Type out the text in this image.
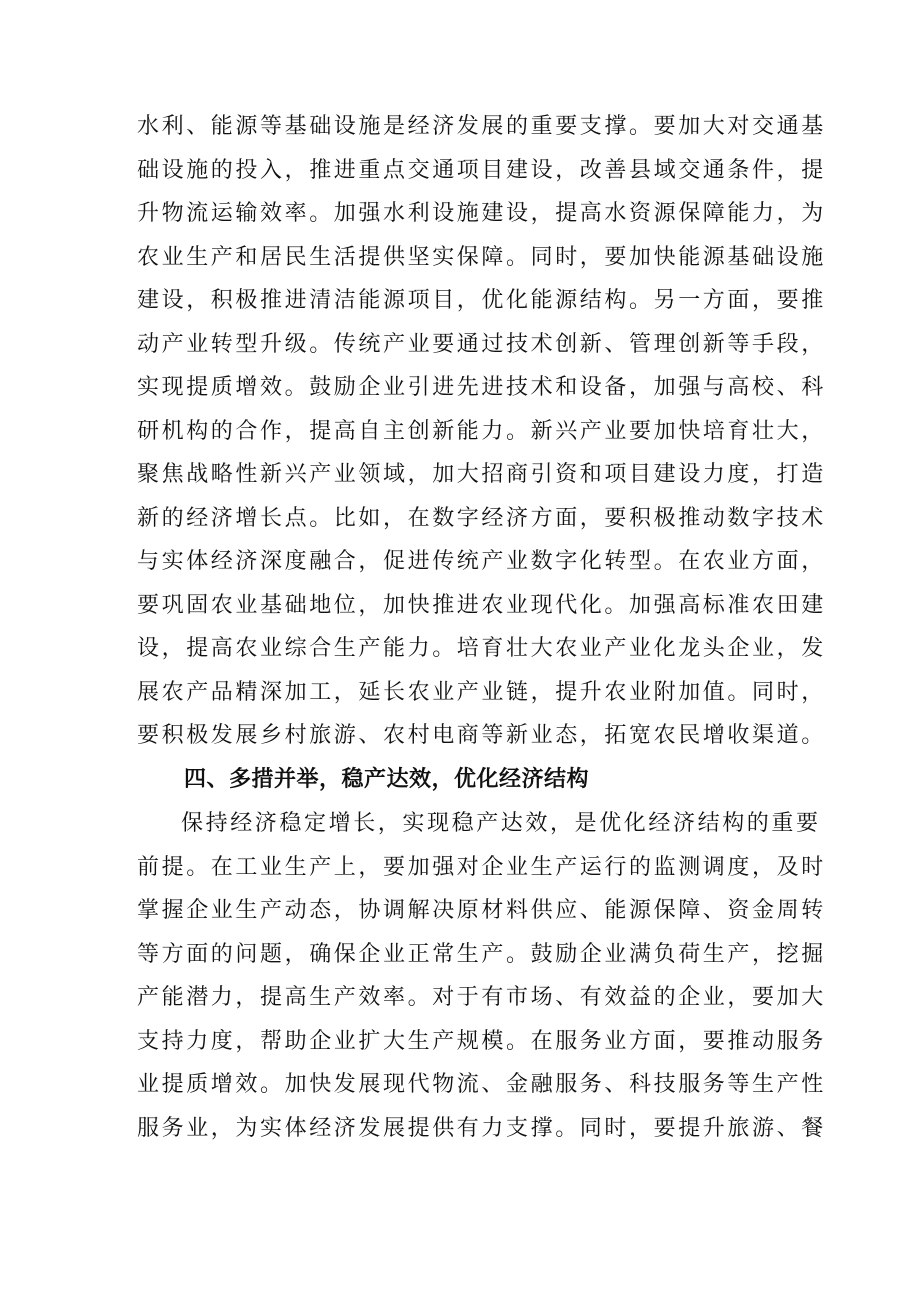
水利、能源等基础设施是经济发展的重要支撑。要加大对交通基
础设施的投入，推进重点交通项目建设，改善县域交通条件，提
升物流运输效率。加强水利设施建设，提高水资源保障能力，为
农业生产和居民生活提供坚实保障。同时，要加快能源基础设施
建设，积极推进清洁能源项目，优化能源结构。另一方面，要推
动产业转型升级。传统产业要通过技术创新、管理创新等手段，
实现提质增效。鼓励企业引进先进技术和设备，加强与高校、科
研机构的合作，提高自主创新能力。新兴产业要加快培育壮大，
聚焦战略性新兴产业领域，加大招商引资和项目建设力度，打造
新的经济增长点。比如，在数字经济方面，要积极推动数字技术
与实体经济深度融合，促进传统产业数字化转型。在农业方面，
要巩固农业基础地位，加快推进农业现代化。加强高标准农田建
设，提高农业综合生产能力。培育壮大农业产业化龙头企业，发
展农产品精深加工，延长农业产业链，提升农业附加值。同时，
要积极发展乡村旅游、农村电商等新业态，拓宽农民增收渠道。
四、多措并举，稳产达效，优化经济结构
保持经济稳定增长，实现稳产达效，是优化经济结构的重要
前提。在工业生产上，要加强对企业生产运行的监测调度，及时
掌握企业生产动态，协调解决原材料供应、能源保障、资金周转
等方面的问题，确保企业正常生产。鼓励企业满负荷生产，挖掘
产能潜力，提高生产效率。对于有市场、有效益的企业，要加大
支持力度，帮助企业扩大生产规模。在服务业方面，要推动服务
业提质增效。加快发展现代物流、金融服务、科技服务等生产性
服务业，为实体经济发展提供有力支撑。同时，要提升旅游、餐
